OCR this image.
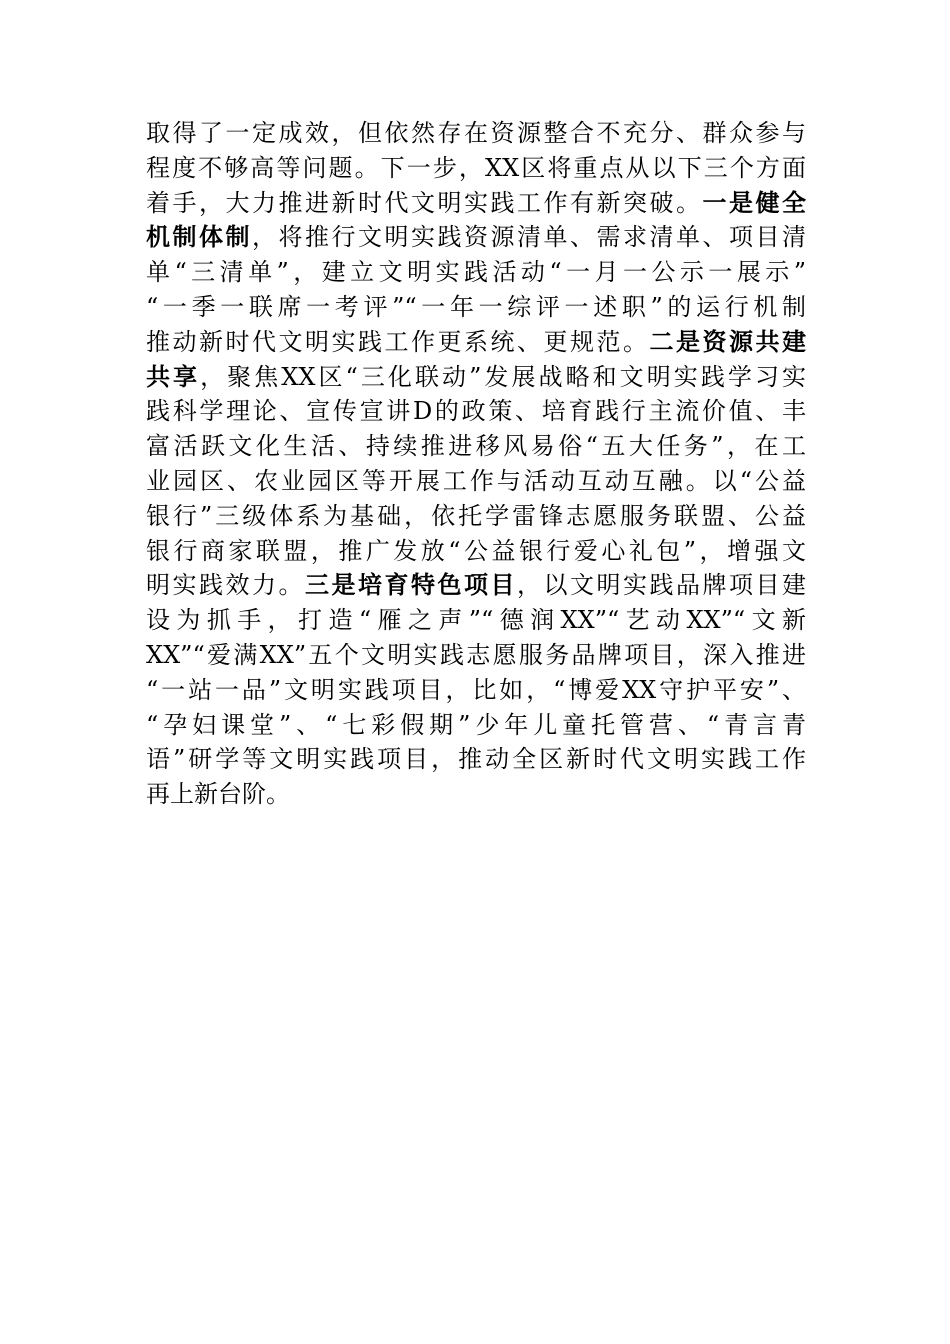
取得了一定成效，但依然存在资源整合不充分、群众参与
程度不够高等问题。下一步，XX区将重点从以下三个方面
着手，大力推进新时代文明实践工作有新突破。一是健全
机制体制，将推行文明实践资源清单、需求清单、项目清
单“三清单”，建立文明实践活动“一月一公示一展示”
“一季一联席一考评”“一年一综评一述职”的运行机制
推动新时代文明实践工作更系统、更规范。二是资源共建
共享，聚焦XX区“三化联动”发展战略和文明实践学习实
践科学理论、宣传宣讲D的政策、培育践行主流价值、丰
富活跃文化生活、持续推进移风易俗“五大任务”，在工
业园区、农业园区等开展工作与活动互动互融。以“公益
银行”三级体系为基础，依托学雷锋志愿服务联盟、公益
银行商家联盟，推广发放“公益银行爱心礼包”，增强文
明实践效力。三是培育特色项目，以文明实践品牌项目建
设为抓手，打造“雁之声”“德润XX”“艺动XX”“文新
XX”“爱满XX”五个文明实践志愿服务品牌项目，深入推进
“一站一品”文明实践项目，比如，“博爱XX守护平安”、
“孕妇课堂”、“七彩假期”少年儿童托管营、“青言青
语”研学等文明实践项目，推动全区新时代文明实践工作
再上新台阶。
